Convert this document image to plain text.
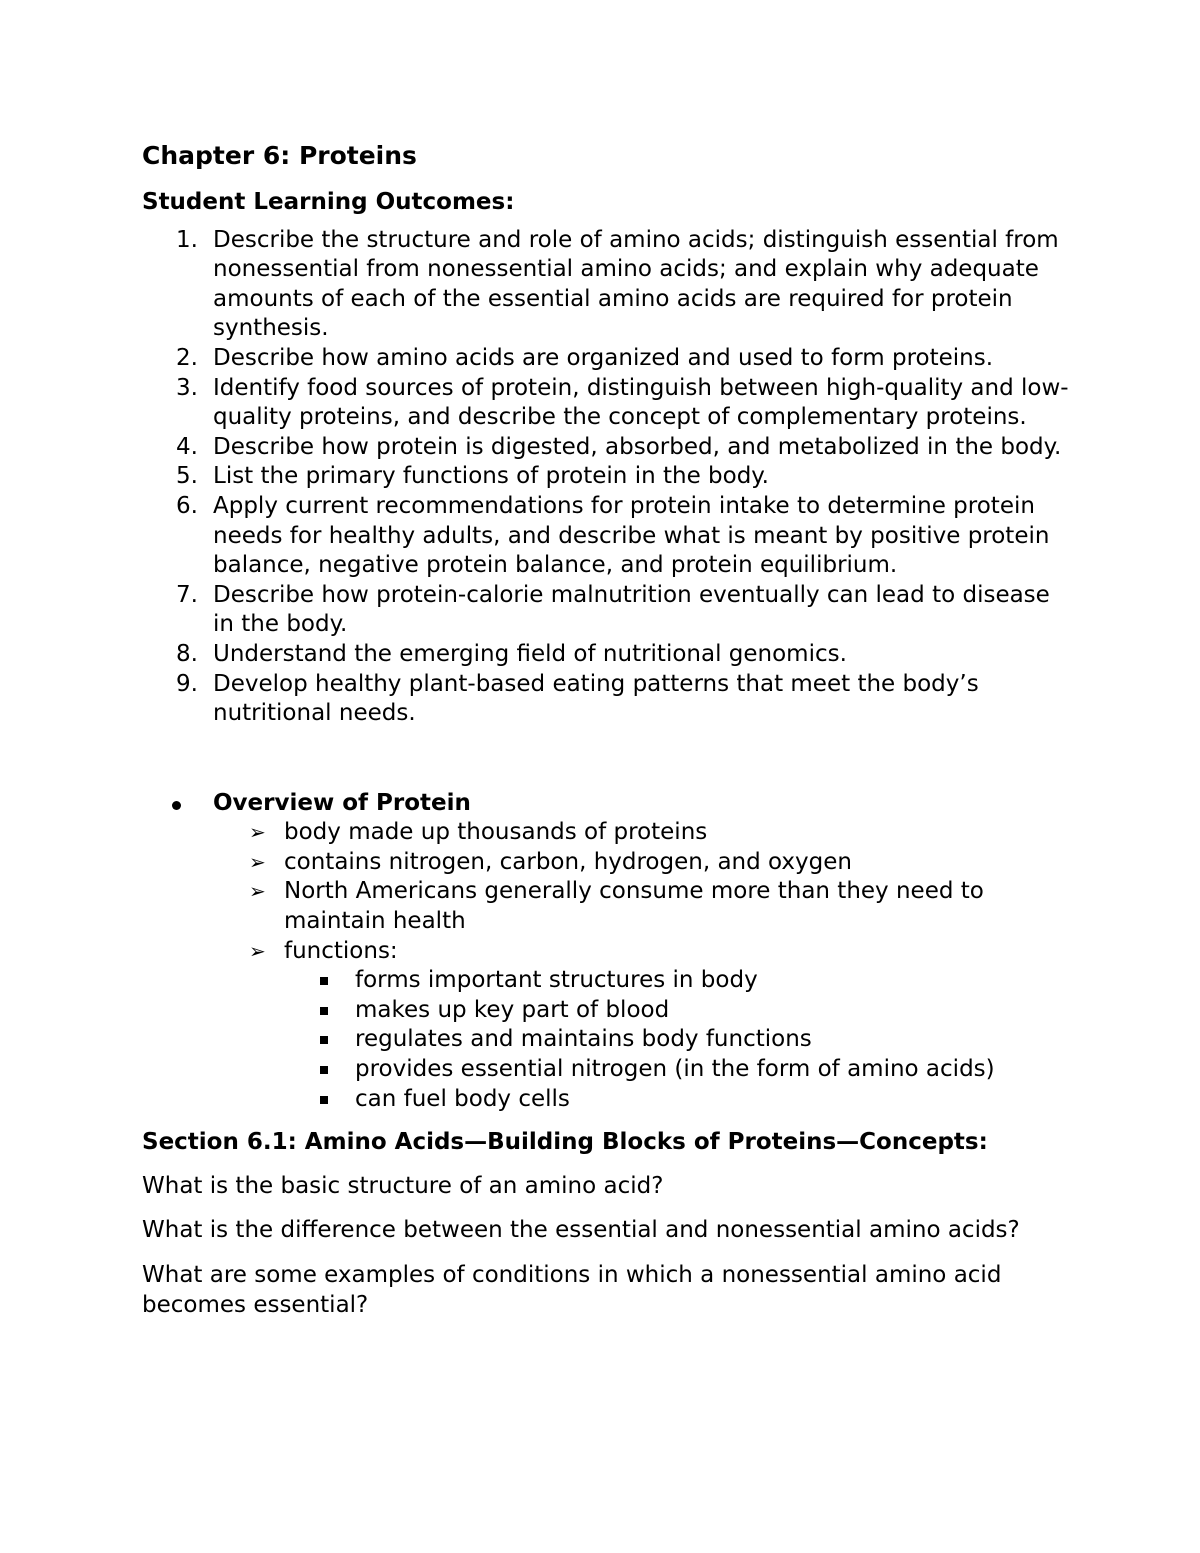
Chapter 6: Proteins
Student Learning Outcomes:
1. Describe the structure and role of amino acids; distinguish essential from nonessential from nonessential amino acids; and explain why adequate amounts of each of the essential amino acids are required for protein synthesis.
2. Describe how amino acids are organized and used to form proteins.
3. Identify food sources of protein, distinguish between high-quality and low-quality proteins, and describe the concept of complementary proteins.
4. Describe how protein is digested, absorbed, and metabolized in the body.
5. List the primary functions of protein in the body.
6. Apply current recommendations for protein intake to determine protein needs for healthy adults, and describe what is meant by positive protein balance, negative protein balance, and protein equilibrium.
7. Describe how protein-calorie malnutrition eventually can lead to disease in the body.
8. Understand the emerging field of nutritional genomics.
9. Develop healthy plant-based eating patterns that meet the body’s nutritional needs.
Overview of Protein
➢ body made up thousands of proteins
➢ contains nitrogen, carbon, hydrogen, and oxygen
➢ North Americans generally consume more than they need to maintain health
➢ functions:
forms important structures in body
makes up key part of blood
regulates and maintains body functions
provides essential nitrogen (in the form of amino acids)
can fuel body cells
Section 6.1: Amino Acids—Building Blocks of Proteins—Concepts:
What is the basic structure of an amino acid?
What is the difference between the essential and nonessential amino acids?
What are some examples of conditions in which a nonessential amino acid becomes essential?
